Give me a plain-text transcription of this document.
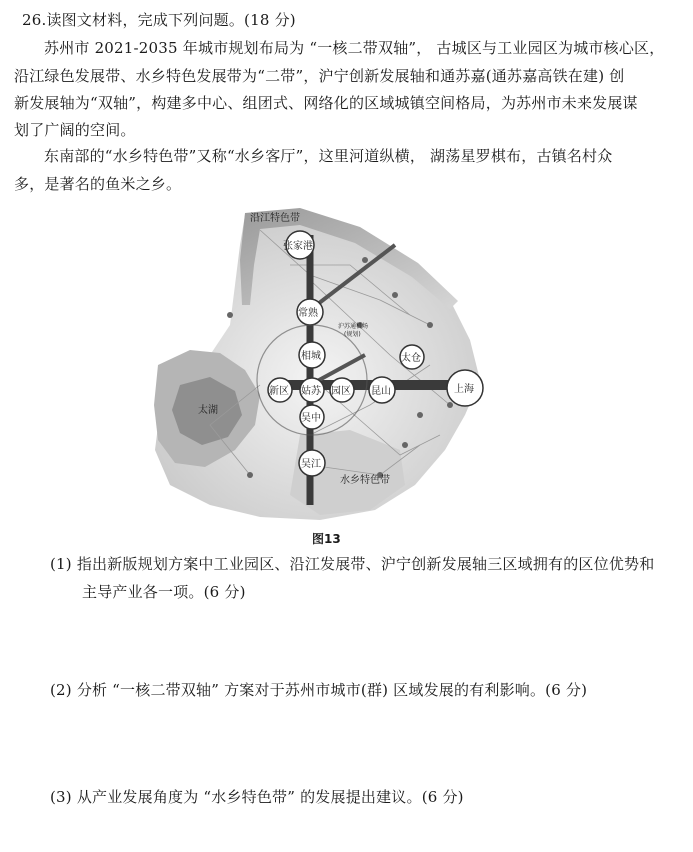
26.读图文材料，完成下列问题。(18 分)
苏州市 2021-2035 年城市规划布局为 “一核二带双轴”， 古城区与工业园区为城市核心区，
沿江绿色发展带、水乡特色发展带为“二带”，沪宁创新发展轴和通苏嘉(通苏嘉高铁在建) 创
新发展轴为“双轴”，构建多中心、组团式、网络化的区域城镇空间格局，为苏州市未来发展谋
划了广阔的空间。
东南部的“水乡特色带”又称“水乡客厅”，这里河道纵横， 湖荡星罗棋布，古镇名村众
多，是著名的鱼米之乡。
沿江特色带
张家港
常熟
沪苏通机场
(规划)
相城	太仓
新区 姑苏 园区 昆山	上海
太湖
吴中
吴江
水乡特色带
图13
(1) 指出新版规划方案中工业园区、沿江发展带、沪宁创新发展轴三区域拥有的区位优势和
主导产业各一项。(6 分)
(2) 分析 “一核二带双轴” 方案对于苏州市城市(群) 区域发展的有利影响。(6 分)
(3) 从产业发展角度为 “水乡特色带” 的发展提出建议。(6 分)
